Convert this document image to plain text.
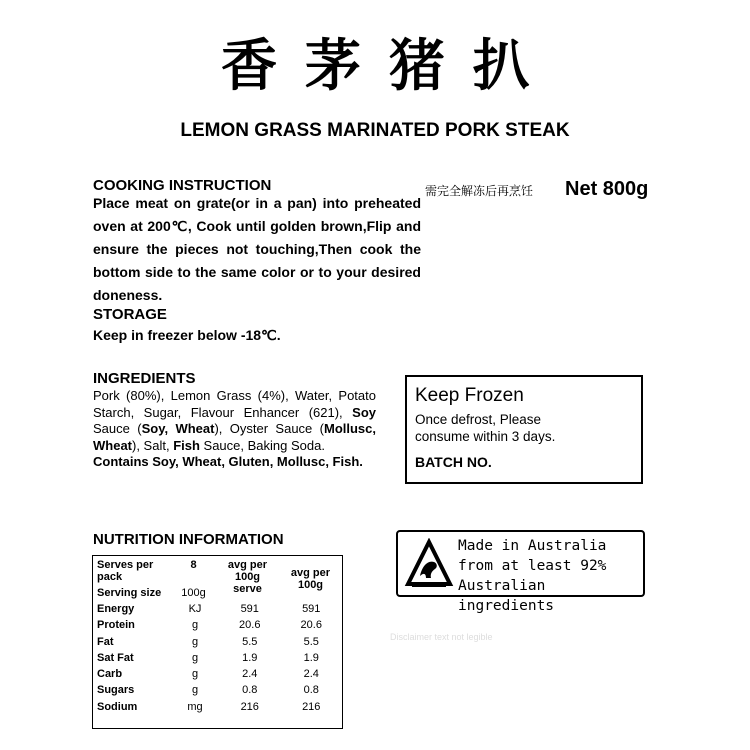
香茅猪扒
LEMON GRASS MARINATED PORK STEAK
COOKING INSTRUCTION
Place meat on grate(or in a pan) into preheated oven at 200℃, Cook until golden brown,Flip and ensure the pieces not touching,Then cook the bottom side to the same color or to your desired doneness.
STORAGE
Keep in freezer below -18℃.
需完全解冻后再烹饪 Net 800g
INGREDIENTS
Pork (80%), Lemon Grass (4%), Water, Potato Starch, Sugar, Flavour Enhancer (621), Soy Sauce (Soy, Wheat), Oyster Sauce (Mollusc, Wheat), Salt, Fish Sauce, Baking Soda.
Contains Soy, Wheat, Gluten, Mollusc, Fish.
Keep Frozen
Once defrost, Please
consume within 3 days.
BATCH NO.
Made in Australia
from at least 92%
Australian ingredients
Disclaimer text not legible
NUTRITION INFORMATION
Serves per pack	8	avg per 100g serve	avg per 100g
Serving size	100g		
Energy	KJ	591	591
Protein	g	20.6	20.6
Fat	g	5.5	5.5
Sat Fat	g	1.9	1.9
Carb	g	2.4	2.4
Sugars	g	0.8	0.8
Sodium	mg	216	216
